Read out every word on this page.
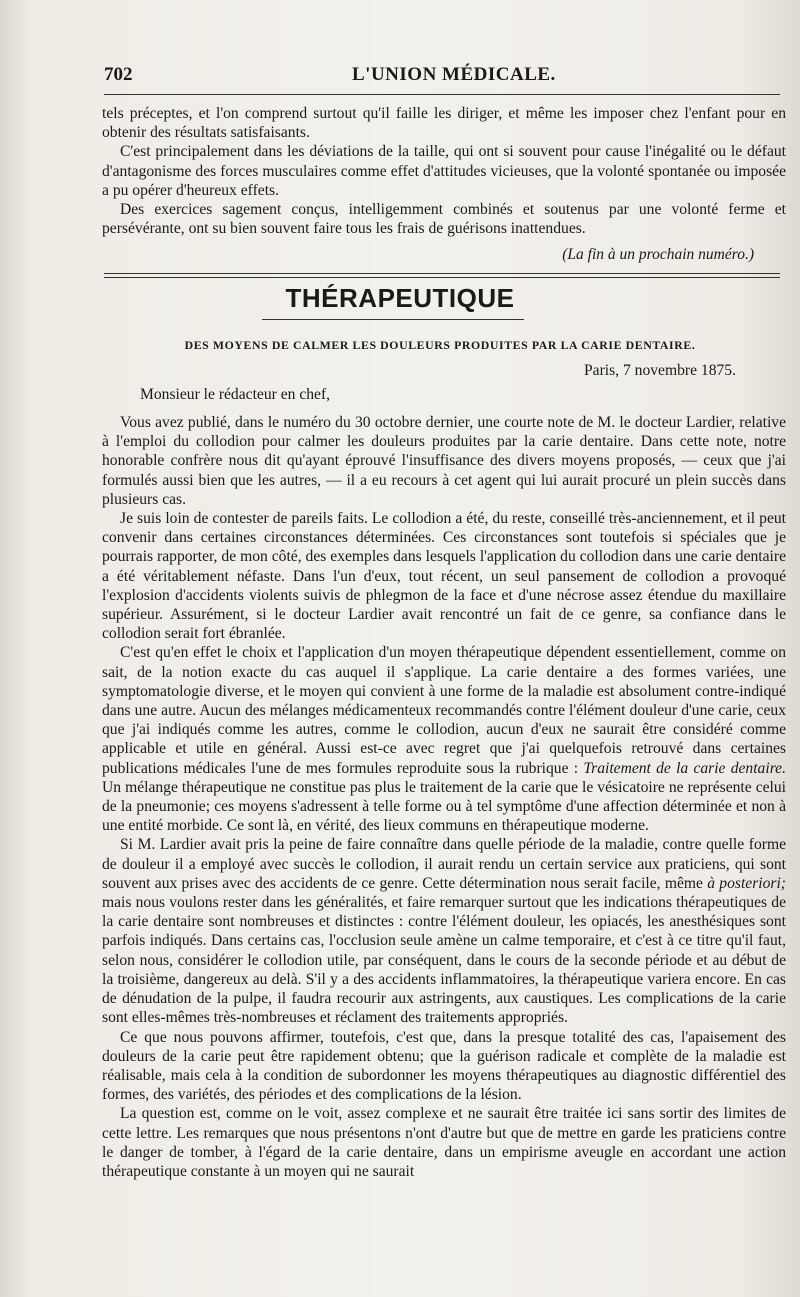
702	L'UNION MÉDICALE.

tels préceptes, et l'on comprend surtout qu'il faille les diriger, et même les imposer chez l'enfant pour en obtenir des résultats satisfaisants.

C'est principalement dans les déviations de la taille, qui ont si souvent pour cause l'inégalité ou le défaut d'antagonisme des forces musculaires comme effet d'attitudes vicieuses, que la volonté spontanée ou imposée a pu opérer d'heureux effets.

Des exercices sagement conçus, intelligemment combinés et soutenus par une volonté ferme et persévérante, ont su bien souvent faire tous les frais de guérisons inattendues.

(La fin à un prochain numéro.)
THÉRAPEUTIQUE
DES MOYENS DE CALMER LES DOULEURS PRODUITES PAR LA CARIE DENTAIRE.
Paris, 7 novembre 1875.
Monsieur le rédacteur en chef,

Vous avez publié, dans le numéro du 30 octobre dernier, une courte note de M. le docteur Lardier, relative à l'emploi du collodion pour calmer les douleurs produites par la carie dentaire. Dans cette note, notre honorable confrère nous dit qu'ayant éprouvé l'insuffisance des divers moyens proposés, — ceux que j'ai formulés aussi bien que les autres, — il a eu recours à cet agent qui lui aurait procuré un plein succès dans plusieurs cas.

Je suis loin de contester de pareils faits. Le collodion a été, du reste, conseillé très-anciennement, et il peut convenir dans certaines circonstances déterminées. Ces circonstances sont toutefois si spéciales que je pourrais rapporter, de mon côté, des exemples dans lesquels l'application du collodion dans une carie dentaire a été véritablement néfaste. Dans l'un d'eux, tout récent, un seul pansement de collodion a provoqué l'explosion d'accidents violents suivis de phlegmon de la face et d'une nécrose assez étendue du maxillaire supérieur. Assurément, si le docteur Lardier avait rencontré un fait de ce genre, sa confiance dans le collodion serait fort ébranlée.

C'est qu'en effet le choix et l'application d'un moyen thérapeutique dépendent essentiellement, comme on sait, de la notion exacte du cas auquel il s'applique. La carie dentaire a des formes variées, une symptomatologie diverse, et le moyen qui convient à une forme de la maladie est absolument contre-indiqué dans une autre. Aucun des mélanges médicamenteux recommandés contre l'élément douleur d'une carie, ceux que j'ai indiqués comme les autres, comme le collodion, aucun d'eux ne saurait être considéré comme applicable et utile en général. Aussi est-ce avec regret que j'ai quelquefois retrouvé dans certaines publications médicales l'une de mes formules reproduite sous la rubrique : Traitement de la carie dentaire. Un mélange thérapeutique ne constitue pas plus le traitement de la carie que le vésicatoire ne représente celui de la pneumonie; ces moyens s'adressent à telle forme ou à tel symptôme d'une affection déterminée et non à une entité morbide. Ce sont là, en vérité, des lieux communs en thérapeutique moderne.

Si M. Lardier avait pris la peine de faire connaître dans quelle période de la maladie, contre quelle forme de douleur il a employé avec succès le collodion, il aurait rendu un certain service aux praticiens, qui sont souvent aux prises avec des accidents de ce genre. Cette détermination nous serait facile, même à posteriori; mais nous voulons rester dans les généralités, et faire remarquer surtout que les indications thérapeutiques de la carie dentaire sont nombreuses et distinctes : contre l'élément douleur, les opiacés, les anesthésiques sont parfois indiqués. Dans certains cas, l'occlusion seule amène un calme temporaire, et c'est à ce titre qu'il faut, selon nous, considérer le collodion utile, par conséquent, dans le cours de la seconde période et au début de la troisième, dangereux au delà. S'il y a des accidents inflammatoires, la thérapeutique variera encore. En cas de dénudation de la pulpe, il faudra recourir aux astringents, aux caustiques. Les complications de la carie sont elles-mêmes très-nombreuses et réclament des traitements appropriés.

Ce que nous pouvons affirmer, toutefois, c'est que, dans la presque totalité des cas, l'apaisement des douleurs de la carie peut être rapidement obtenu; que la guérison radicale et complète de la maladie est réalisable, mais cela à la condition de subordonner les moyens thérapeutiques au diagnostic différentiel des formes, des variétés, des périodes et des complications de la lésion.

La question est, comme on le voit, assez complexe et ne saurait être traitée ici sans sortir des limites de cette lettre. Les remarques que nous présentons n'ont d'autre but que de mettre en garde les praticiens contre le danger de tomber, à l'égard de la carie dentaire, dans un empirisme aveugle en accordant une action thérapeutique constante à un moyen qui ne saurait
